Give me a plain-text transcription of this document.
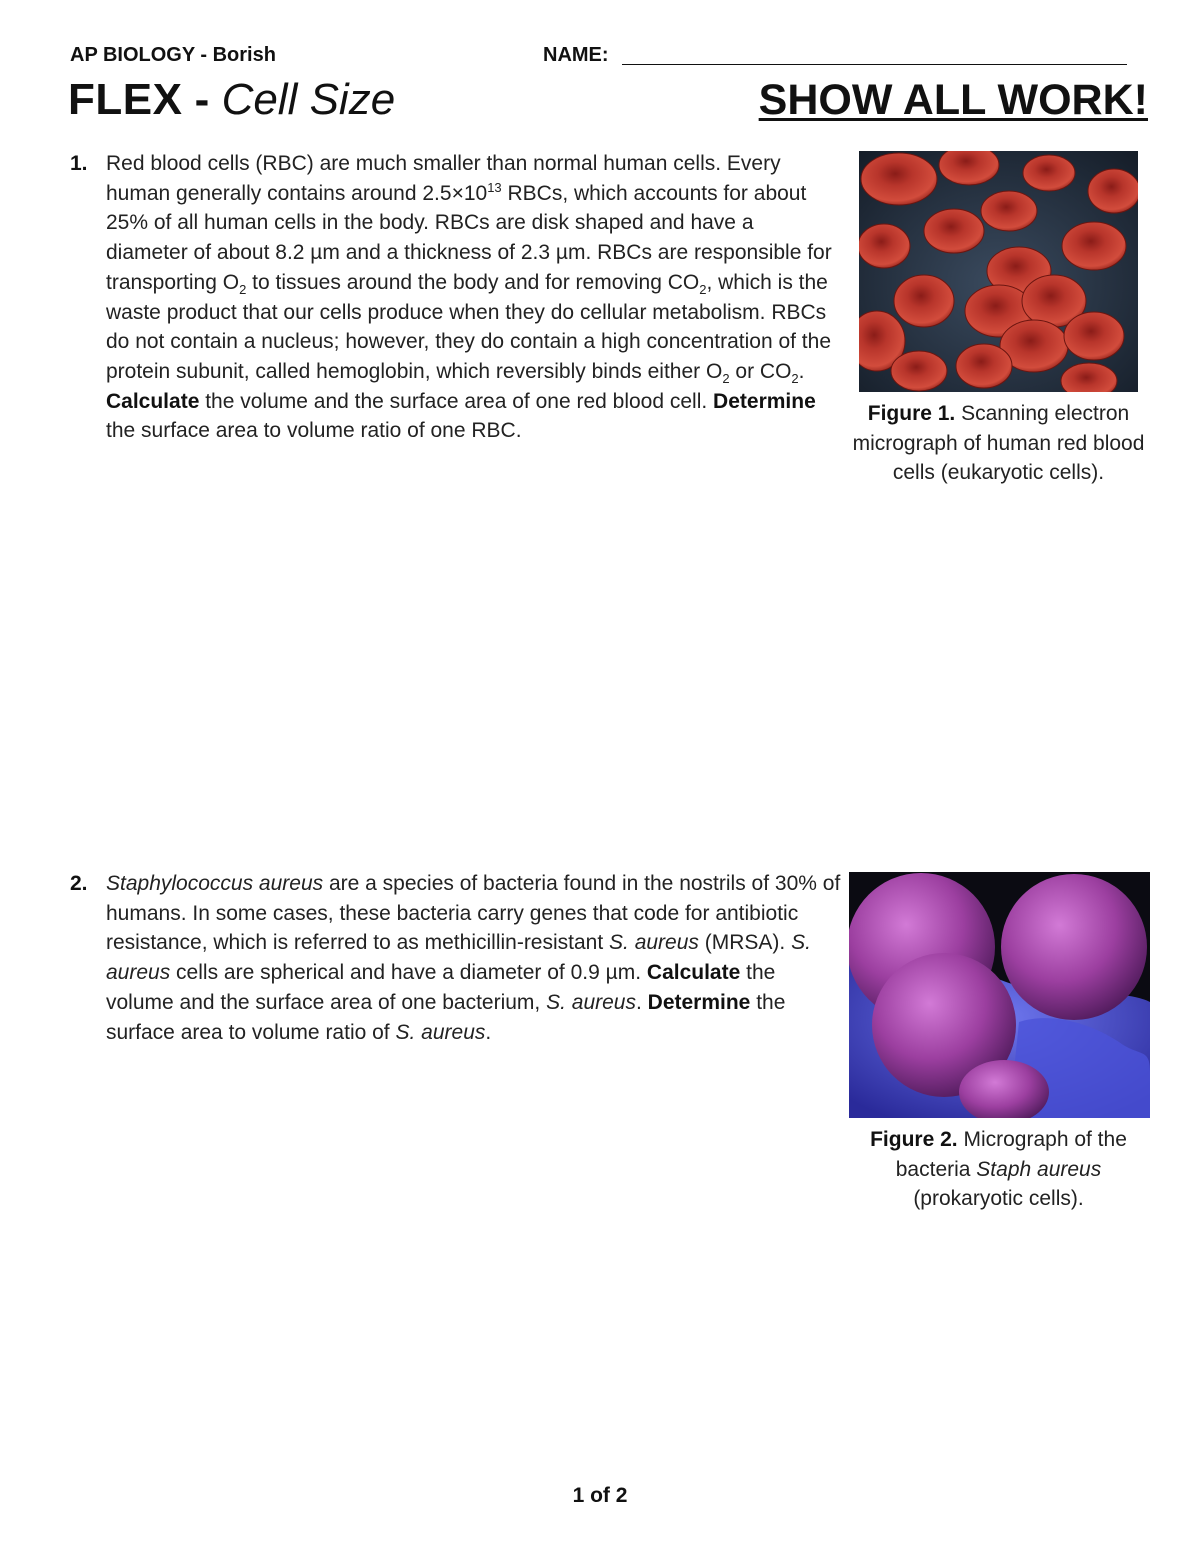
AP BIOLOGY - Borish	NAME:
FLEX - Cell Size	SHOW ALL WORK!
1. Red blood cells (RBC) are much smaller than normal human cells. Every human generally contains around $2.5\times 10^{13}$ RBCs, which accounts for about 25% of all human cells in the body. RBCs are disk shaped and have a diameter of about 8.2 µm and a thickness of 2.3 µm. RBCs are responsible for transporting $O_2$ to tissues around the body and for removing $CO_2$, which is the waste product that our cells produce when they do cellular metabolism. RBCs do not contain a nucleus; however, they do contain a high concentration of the protein subunit, called hemoglobin, which reversibly binds either $O_2$ or $CO_2$. Calculate the volume and the surface area of one red blood cell. Determine the surface area to volume ratio of one RBC.
Figure 1. Scanning electron micrograph of human red blood cells (eukaryotic cells).
2. Staphylococcus aureus are a species of bacteria found in the nostrils of 30% of humans. In some cases, these bacteria carry genes that code for antibiotic resistance, which is referred to as methicillin-resistant S. aureus (MRSA). S. aureus cells are spherical and have a diameter of 0.9 µm. Calculate the volume and the surface area of one bacterium, S. aureus. Determine the surface area to volume ratio of S. aureus.
Figure 2. Micrograph of the bacteria Staph aureus (prokaryotic cells).
1 of 2
